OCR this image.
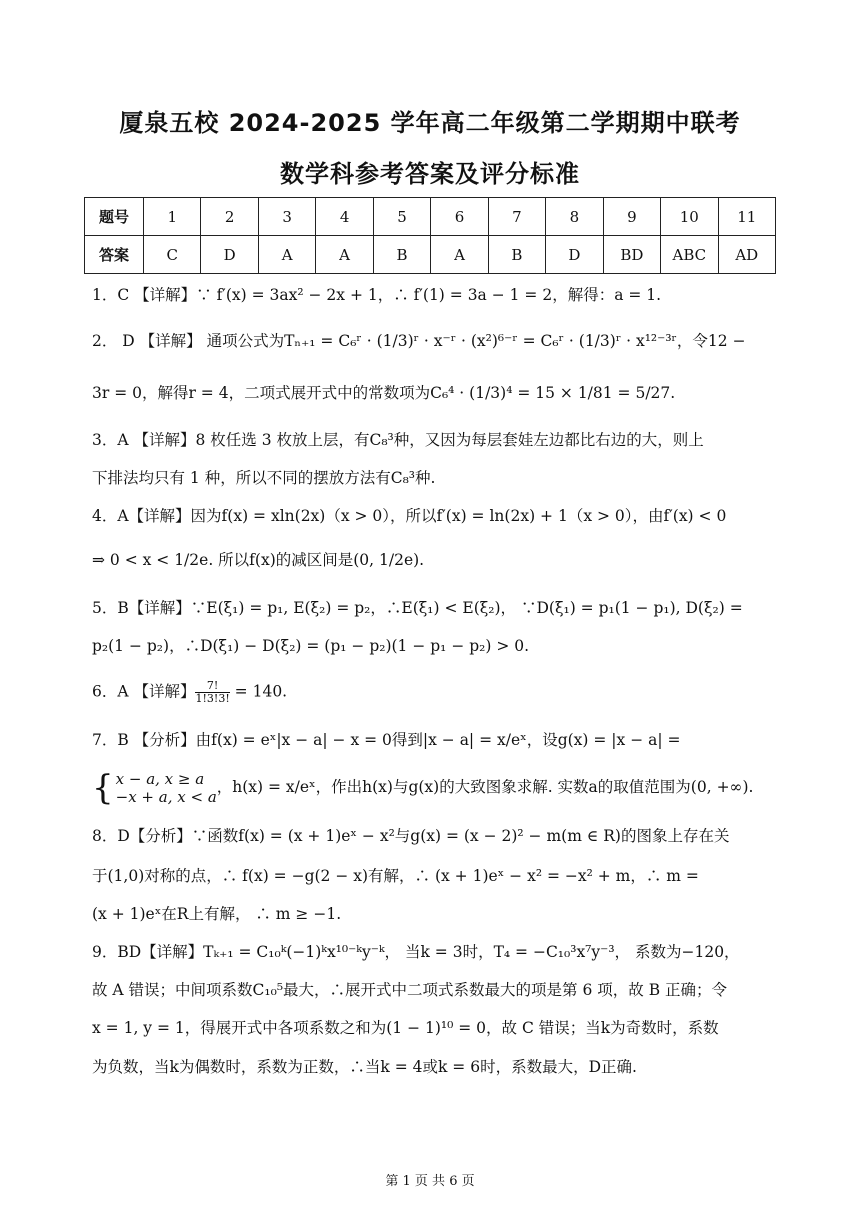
厦泉五校 2024-2025 学年高二年级第二学期期中联考
数学科参考答案及评分标准
题号	1	2	3	4	5	6	7	8	9	10	11
答案	C	D	A	A	B	A	B	D	BD	ABC	AD
1．C 【详解】∵ f′(x) = 3ax² − 2x + 1，∴ f′(1) = 3a − 1 = 2，解得：a = 1.
2． D 【详解】 通项公式为Tₙ₊₁ = C₆ʳ · (1/3)ʳ · x⁻ʳ · (x²)⁶⁻ʳ = C₆ʳ · (1/3)ʳ · x¹²⁻³ʳ，令12 −
3r = 0，解得r = 4，二项式展开式中的常数项为C₆⁴ · (1/3)⁴ = 15 × 1/81 = 5/27.
3．A 【详解】8 枚任选 3 枚放上层，有C₈³种，又因为每层套娃左边都比右边的大，则上
下排法均只有 1 种，所以不同的摆放方法有C₈³种.
4．A【详解】因为f(x) = xln(2x)（x > 0），所以f′(x) = ln(2x) + 1（x > 0），由f′(x) < 0
⇒ 0 < x < 1/2e. 所以f(x)的减区间是(0, 1/2e).
5．B【详解】∵E(ξ₁) = p₁, E(ξ₂) = p₂，∴E(ξ₁) < E(ξ₂)， ∵D(ξ₁) = p₁(1 − p₁), D(ξ₂) =
p₂(1 − p₂)，∴D(ξ₁) − D(ξ₂) = (p₁ − p₂)(1 − p₁ − p₂) > 0.
6．A 【详解】 $\frac{7!}{1!3!3!} = 140$.
7．B 【分析】由f(x) = eˣ|x − a| − x = 0得到|x − a| = x/eˣ，设g(x) = |x − a| =
{ x − a, x ≥ a
−x + a, x < a
，h(x) = x/eˣ，作出h(x)与g(x)的大致图象求解. 实数a的取值范围为(0, +∞).
8．D【分析】∵函数f(x) = (x + 1)eˣ − x²与g(x) = (x − 2)² − m(m ∈ R)的图象上存在关
于(1,0)对称的点，∴ f(x) = −g(2 − x)有解，∴ (x + 1)eˣ − x² = −x² + m，∴ m =
(x + 1)eˣ在R上有解， ∴ m ≥ −1.
9．BD【详解】Tₖ₊₁ = C₁₀ᵏ(−1)ᵏx¹⁰⁻ᵏy⁻ᵏ， 当k = 3时，T₄ = −C₁₀³x⁷y⁻³， 系数为−120，
故 A 错误；中间项系数C₁₀⁵最大，∴展开式中二项式系数最大的项是第 6 项，故 B 正确；令
x = 1, y = 1，得展开式中各项系数之和为(1 − 1)¹⁰ = 0，故 C 错误；当k为奇数时，系数
为负数，当k为偶数时，系数为正数，∴当k = 4或k = 6时，系数最大，D正确.
第 1 页 共 6 页
